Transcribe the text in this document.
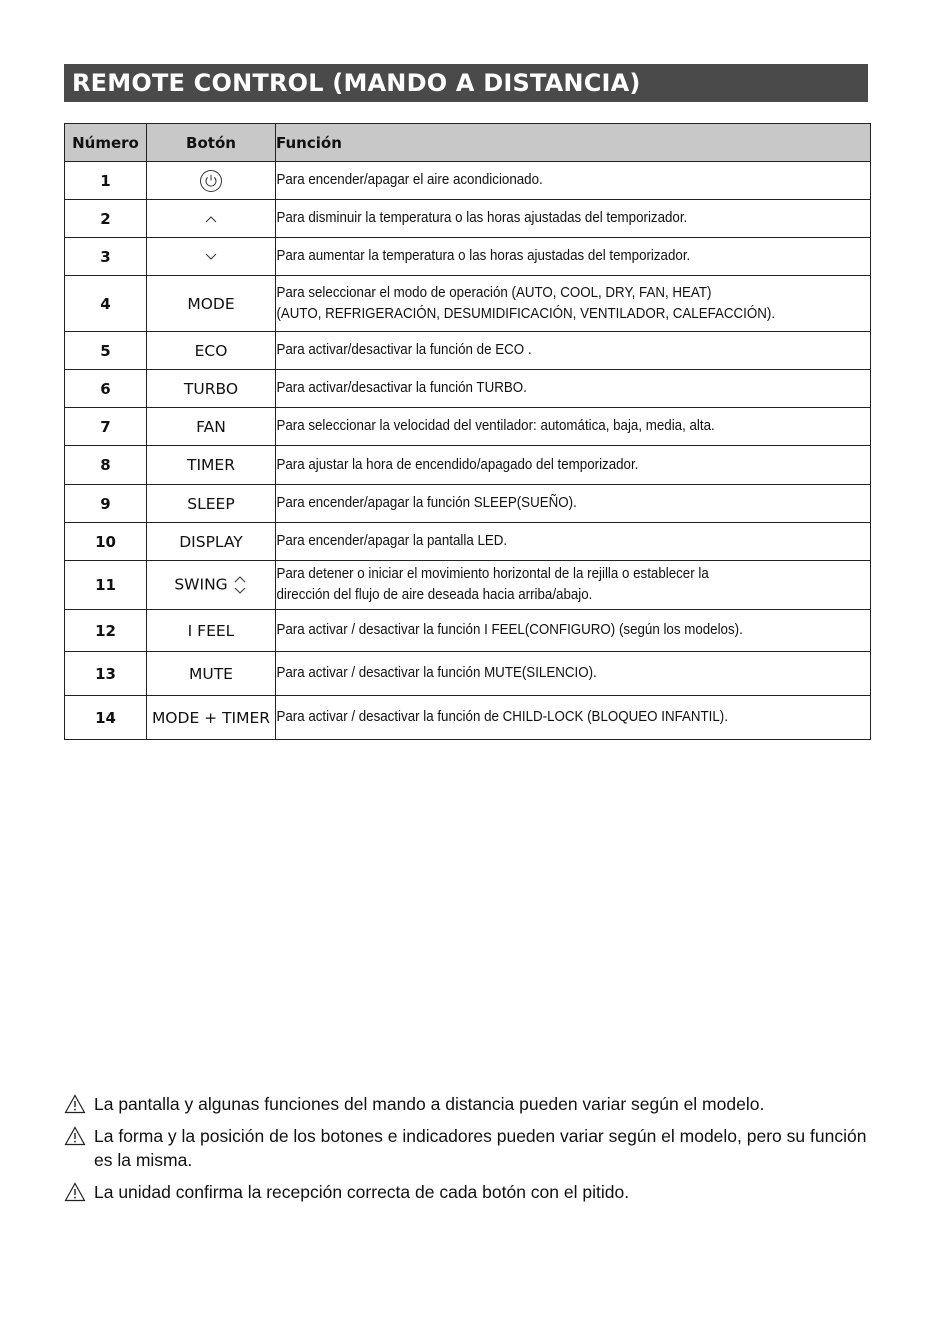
REMOTE CONTROL (MANDO A DISTANCIA)
Número	Botón	Función
1		Para encender/apagar el aire acondicionado.

2		Para disminuir la temperatura o las horas ajustadas del temporizador.

3		Para aumentar la temperatura o las horas ajustadas del temporizador.

4	MODE	Para seleccionar el modo de operación (AUTO, COOL, DRY, FAN, HEAT)
(AUTO, REFRIGERACIÓN, DESUMIDIFICACIÓN, VENTILADOR, CALEFACCIÓN).

5	ECO	Para activar/desactivar la función de ECO .

6	TURBO	Para activar/desactivar la función TURBO.

7	FAN	Para seleccionar la velocidad del ventilador: automática, baja, media, alta.

8	TIMER	Para ajustar la hora de encendido/apagado del temporizador.

9	SLEEP	Para encender/apagar la función SLEEP(SUEÑO).

10	DISPLAY	Para encender/apagar la pantalla LED.

11	SWING	Para detener o iniciar el movimiento horizontal de la rejilla o establecer la
dirección del flujo de aire deseada hacia arriba/abajo.

12	I FEEL	Para activar / desactivar la función I FEEL(CONFIGURO) (según los modelos).

13	MUTE	Para activar / desactivar la función MUTE(SILENCIO).

14	MODE + TIMER	Para activar / desactivar la función de CHILD-LOCK (BLOQUEO INFANTIL).
La pantalla y algunas funciones del mando a distancia pueden variar según el modelo.
La forma y la posición de los botones e indicadores pueden variar según el modelo, pero su función es la misma.
La unidad confirma la recepción correcta de cada botón con el pitido.
